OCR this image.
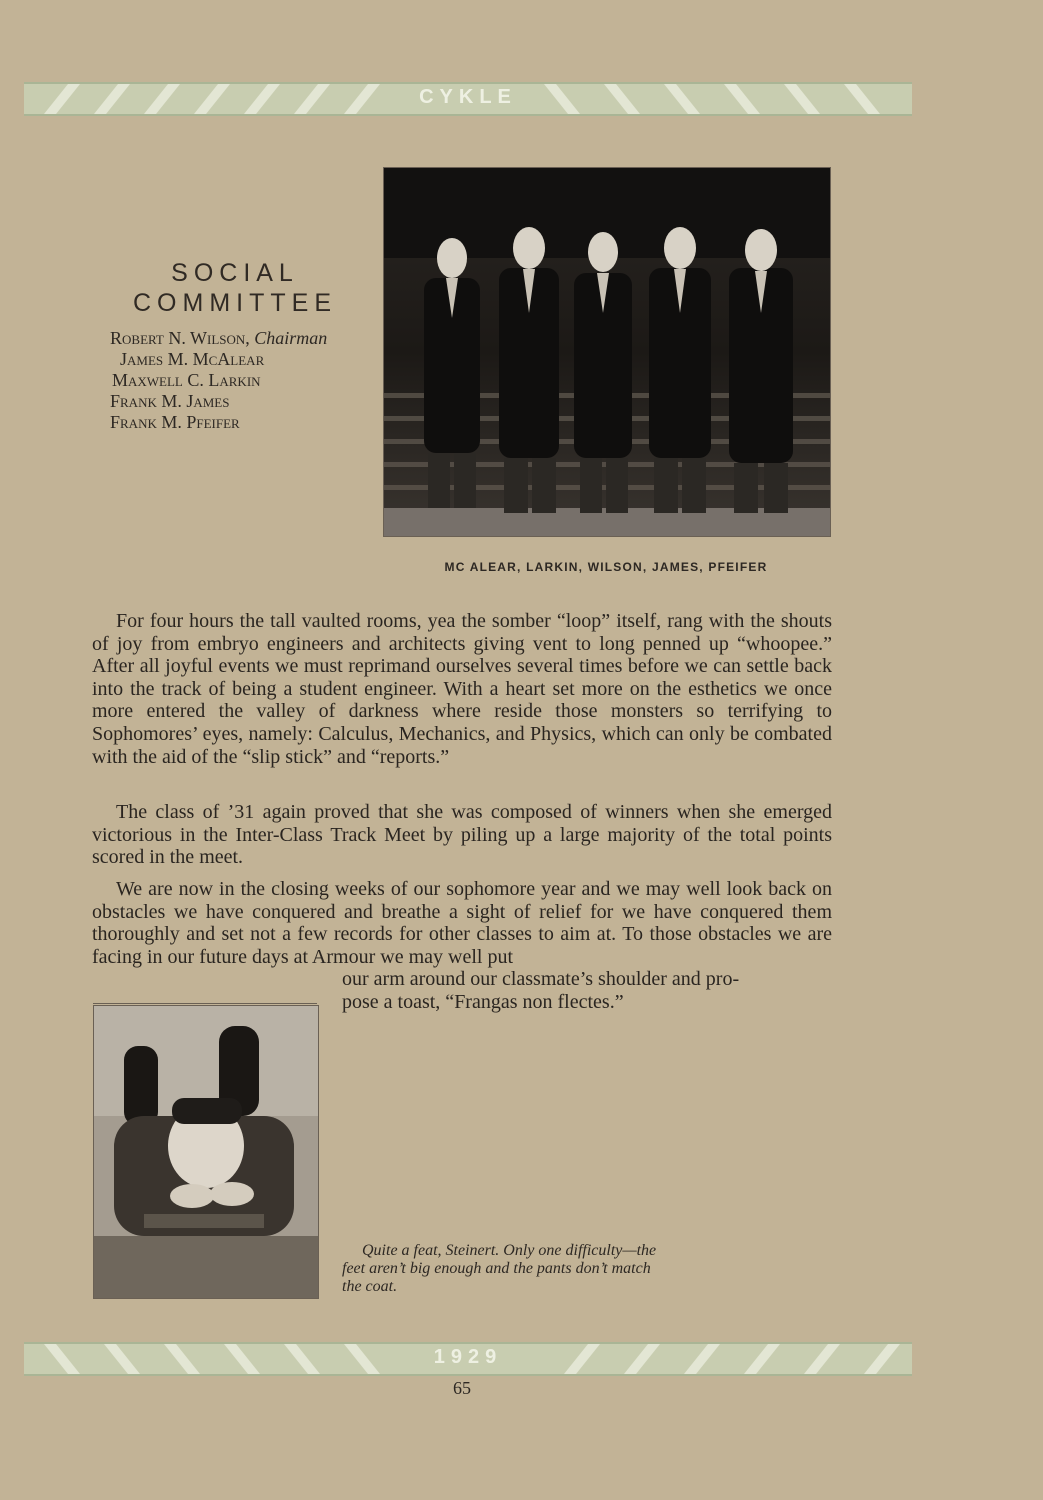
CYKLE
SOCIAL
COMMITTEE
Robert N. Wilson, Chairman
James M. McAlear
Maxwell C. Larkin
Frank M. James
Frank M. Pfeifer
MC ALEAR, LARKIN, WILSON, JAMES, PFEIFER

For four hours the tall vaulted rooms, yea the somber “loop” itself, rang with the shouts of joy from embryo engineers and architects giving vent to long penned up “whoopee.” After all joyful events we must reprimand ourselves several times before we can settle back into the track of being a student engineer. With a heart set more on the esthetics we once more entered the valley of darkness where reside those monsters so terrifying to Sophomores’ eyes, namely: Calculus, Mechanics, and Physics, which can only be combated with the aid of the “slip stick” and “reports.”

The class of ’31 again proved that she was composed of winners when she emerged victorious in the Inter-Class Track Meet by piling up a large majority of the total points scored in the meet.

We are now in the closing weeks of our sophomore year and we may well look back on obstacles we have conquered and breathe a sight of relief for we have conquered them thoroughly and set not a few records for other classes to aim at. To those obstacles we are facing in our future days at Armour we may well put

our arm around our classmate’s shoulder and pro-

pose a toast, “Frangas non flectes.”

Quite a feat, Steinert. Only one difficulty—the
feet aren’t big enough and the pants don’t match
the coat.
1929
65
